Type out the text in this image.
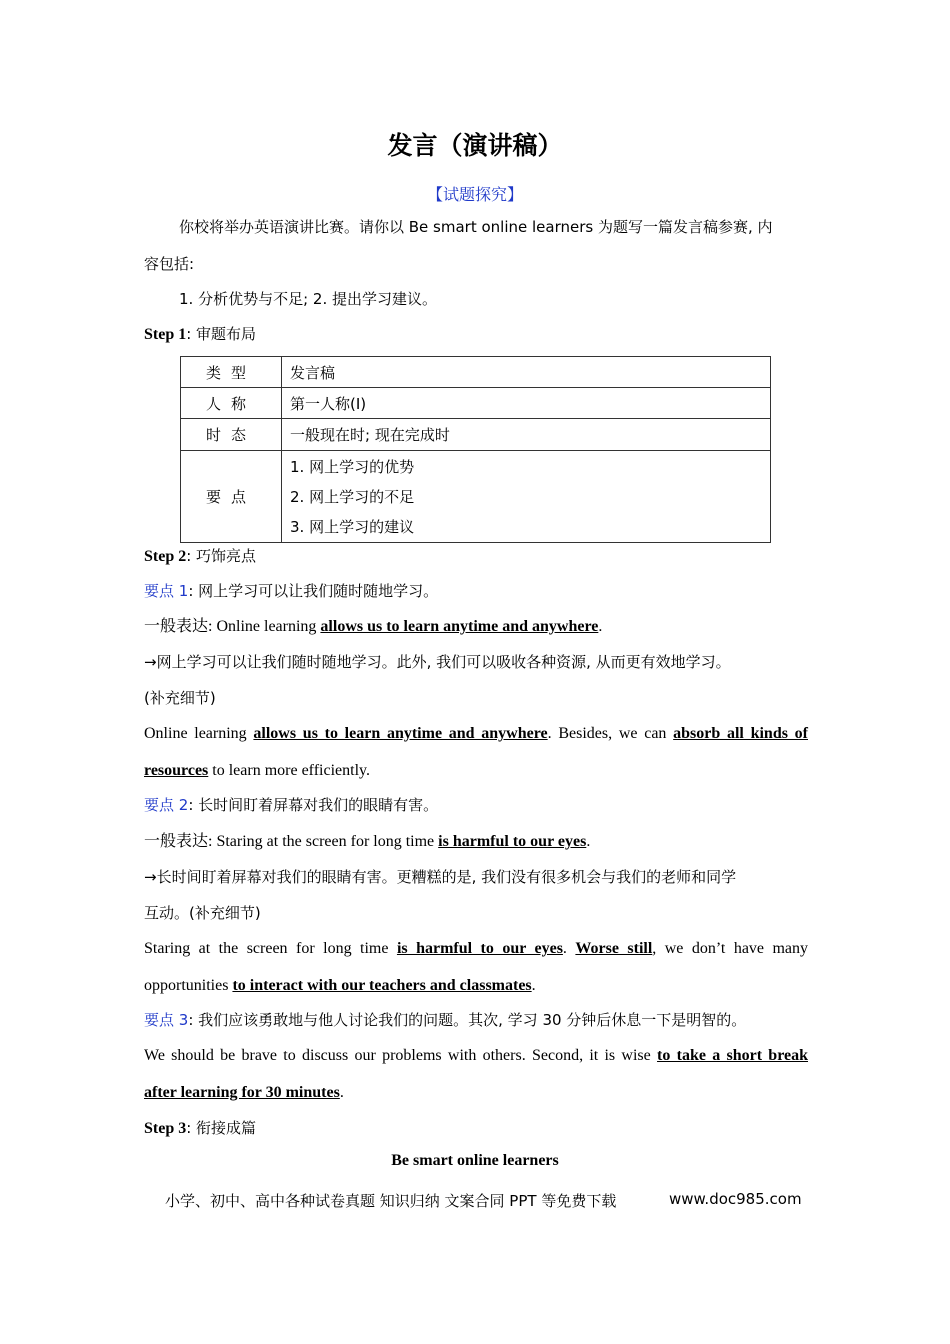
发言（演讲稿）
【试题探究】
你校将举办英语演讲比赛。请你以 Be smart online learners 为题写一篇发言稿参赛, 内
容包括:
1. 分析优势与不足; 2. 提出学习建议。
Step 1: 审题布局
类型	发言稿
人称	第一人称(I)
时态	一般现在时; 现在完成时
要点	1. 网上学习的优势
2. 网上学习的不足
3. 网上学习的建议
Step 2: 巧饰亮点
要点 1: 网上学习可以让我们随时随地学习。
一般表达: Online learning allows us to learn anytime and anywhere.
→网上学习可以让我们随时随地学习。此外, 我们可以吸收各种资源, 从而更有效地学习。
(补充细节)
Online learning allows us to learn anytime and anywhere. Besides, we can absorb all kinds of
resources to learn more efficiently.
要点 2: 长时间盯着屏幕对我们的眼睛有害。
一般表达: Staring at the screen for long time is harmful to our eyes.
→长时间盯着屏幕对我们的眼睛有害。更糟糕的是, 我们没有很多机会与我们的老师和同学
互动。(补充细节)
Staring at the screen for long time is harmful to our eyes. Worse still, we don’t have many
opportunities to interact with our teachers and classmates.
要点 3: 我们应该勇敢地与他人讨论我们的问题。其次, 学习 30 分钟后休息一下是明智的。
We should be brave to discuss our problems with others. Second, it is wise to take a short break
after learning for 30 minutes.
Step 3: 衔接成篇
Be smart online learners
小学、初中、高中各种试卷真题 知识归纳 文案合同 PPT 等免费下载	www.doc985.com
